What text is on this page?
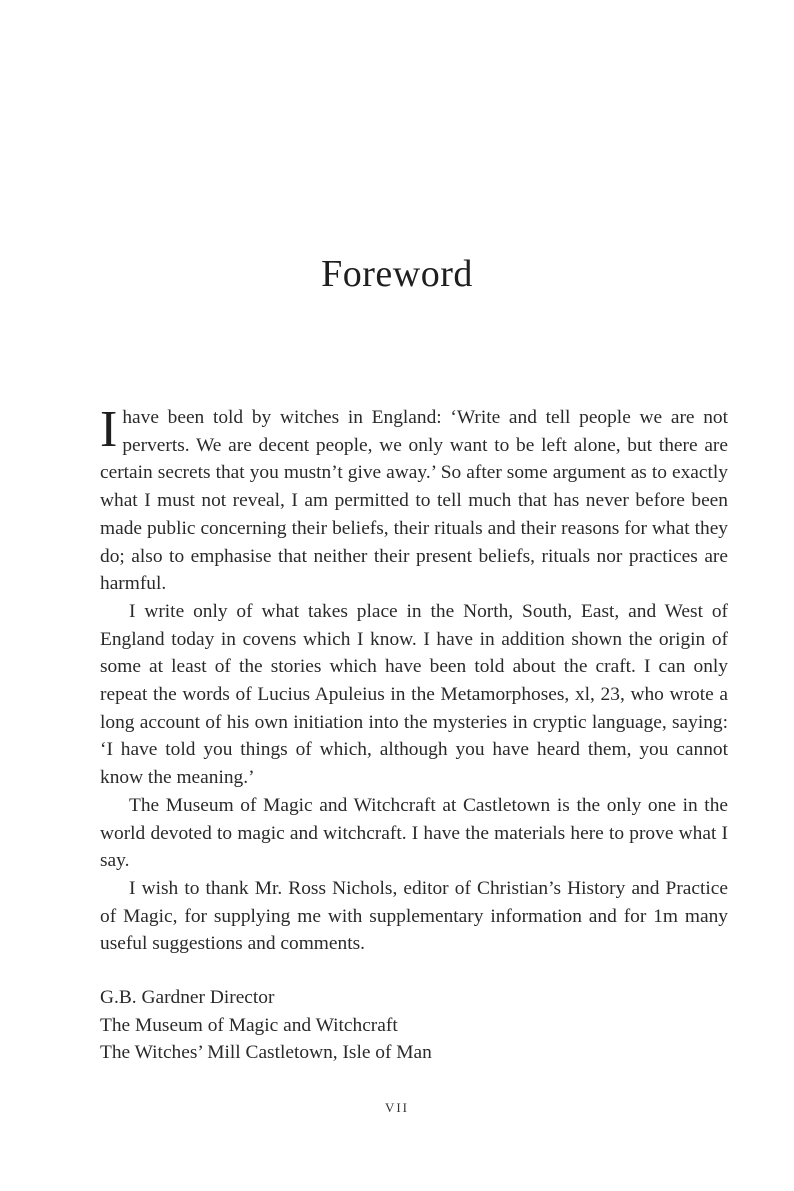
Foreword

I have been told by witches in England: ‘Write and tell people we are not perverts. We are decent people, we only want to be left alone, but there are certain secrets that you mustn’t give away.’ So after some argument as to exactly what I must not reveal, I am permitted to tell much that has never before been made public concerning their beliefs, their rituals and their reasons for what they do; also to emphasise that neither their present beliefs, rituals nor practices are harmful.

I write only of what takes place in the North, South, East, and West of England today in covens which I know. I have in addition shown the origin of some at least of the stories which have been told about the craft. I can only repeat the words of Lucius Apuleius in the Metamorphoses, xl, 23, who wrote a long account of his own initiation into the mysteries in cryptic language, saying: ‘I have told you things of which, although you have heard them, you cannot know the meaning.’

The Museum of Magic and Witchcraft at Castletown is the only one in the world devoted to magic and witchcraft. I have the materials here to prove what I say.

I wish to thank Mr. Ross Nichols, editor of Christian’s History and Practice of Magic, for supplying me with supplementary information and for 1m many useful suggestions and comments.

G.B. Gardner Director
The Museum of Magic and Witchcraft
The Witches’ Mill Castletown, Isle of Man
VII
